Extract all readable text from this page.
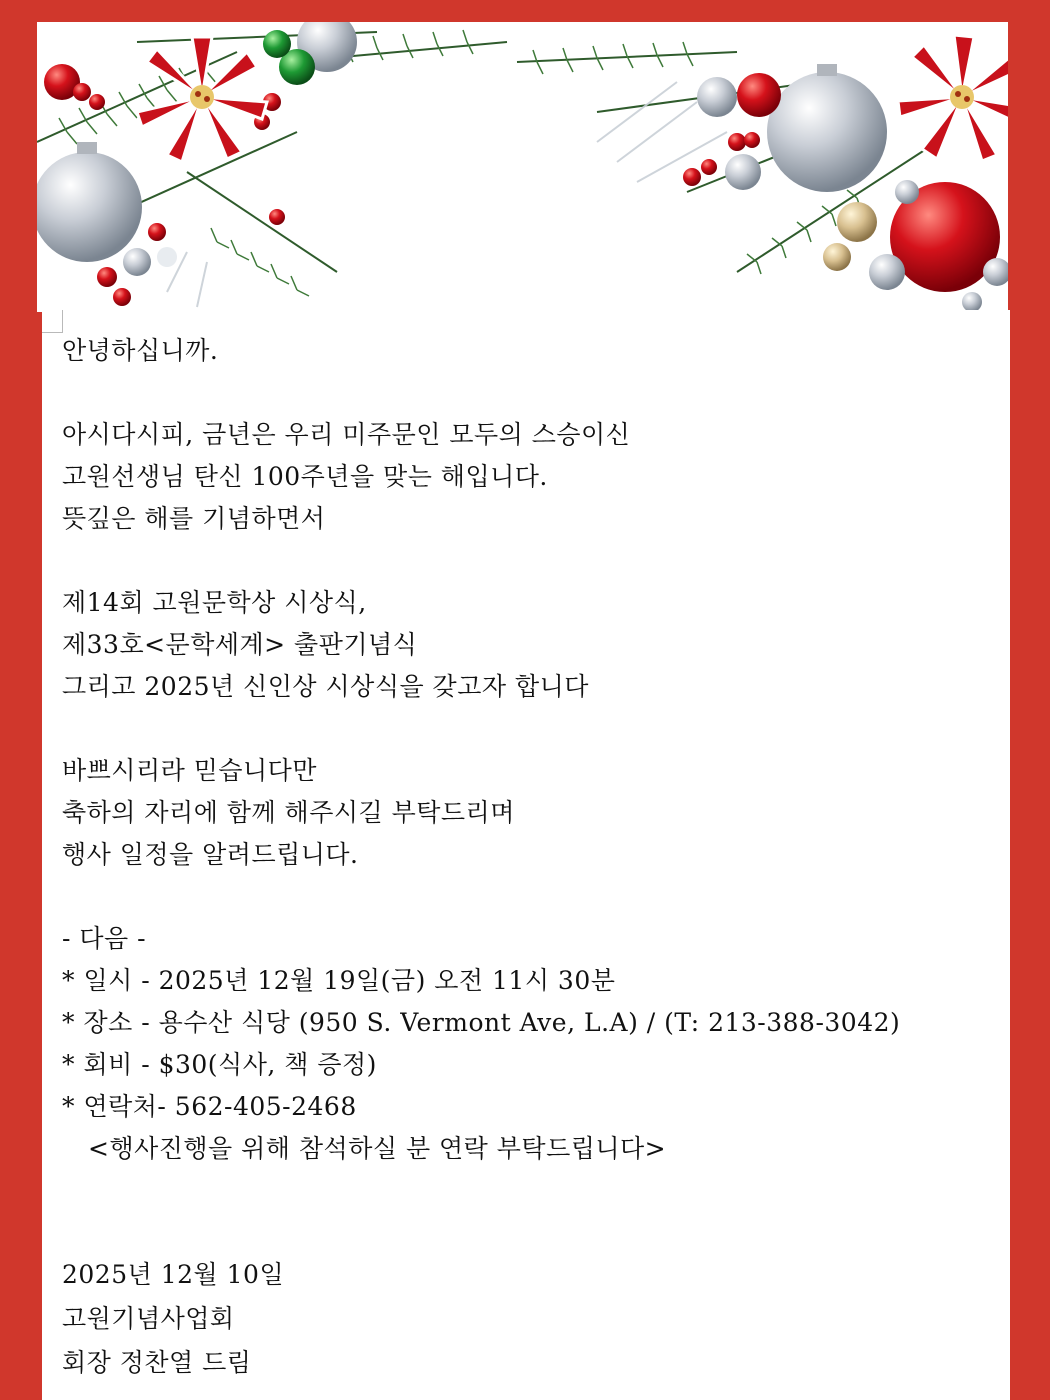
안녕하십니까.
아시다시피, 금년은 우리 미주문인 모두의 스승이신
고원선생님 탄신 100주년을 맞는 해입니다.
뜻깊은 해를 기념하면서
제14회 고원문학상 시상식,
제33호<문학세계> 출판기념식
그리고 2025년 신인상 시상식을 갖고자 합니다
바쁘시리라 믿습니다만
축하의 자리에 함께 해주시길 부탁드리며
행사 일정을 알려드립니다.
- 다음 -
* 일시 - 2025년 12월 19일(금) 오전 11시 30분
* 장소 - 용수산 식당 (950 S. Vermont Ave, L.A) / (T: 213-388-3042)
* 회비 - $30(식사, 책 증정)
* 연락처- 562-405-2468
<행사진행을 위해 참석하실 분 연락 부탁드립니다>
2025년 12월 10일
고원기념사업회
회장 정찬열 드림
